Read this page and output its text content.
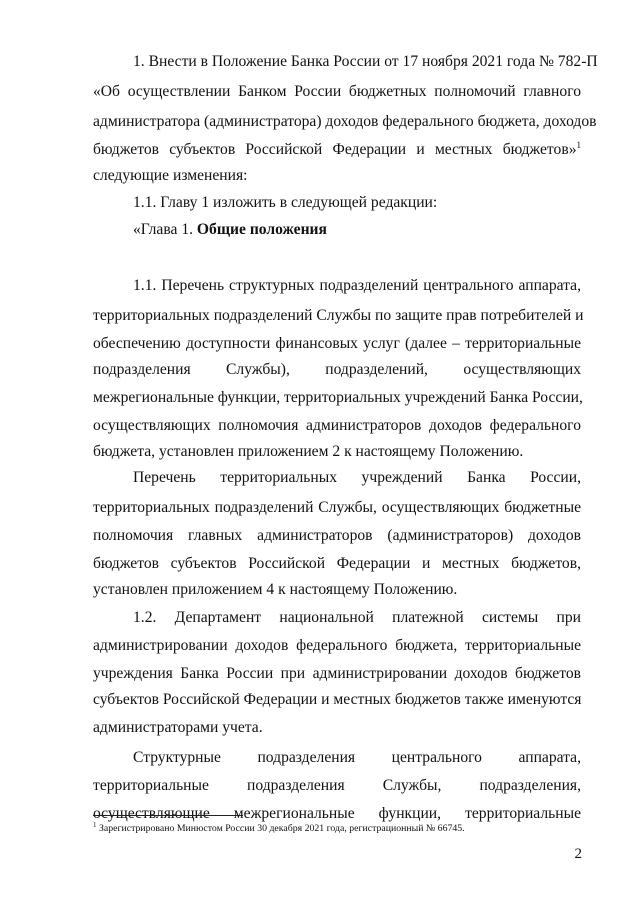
1. Внести в Положение Банка России от 17 ноября 2021 года № 782-П
«Об осуществлении Банком России бюджетных полномочий главного
администратора (администратора) доходов федерального бюджета, доходов
бюджетов субъектов Российской Федерации и местных бюджетов»$^1$
следующие изменения:
1.1. Главу 1 изложить в следующей редакции:
«Глава 1. Общие положения
1.1. Перечень структурных подразделений центрального аппарата,
территориальных подразделений Службы по защите прав потребителей и
обеспечению доступности финансовых услуг (далее – территориальные
подразделения Службы), подразделений, осуществляющих
межрегиональные функции, территориальных учреждений Банка России,
осуществляющих полномочия администраторов доходов федерального
бюджета, установлен приложением 2 к настоящему Положению.
Перечень территориальных учреждений Банка России,
территориальных подразделений Службы, осуществляющих бюджетные
полномочия главных администраторов (администраторов) доходов
бюджетов субъектов Российской Федерации и местных бюджетов,
установлен приложением 4 к настоящему Положению.
1.2. Департамент национальной платежной системы при
администрировании доходов федерального бюджета, территориальные
учреждения Банка России при администрировании доходов бюджетов
субъектов Российской Федерации и местных бюджетов также именуются
администраторами учета.
Структурные подразделения центрального аппарата,
территориальные подразделения Службы, подразделения,
осуществляющие межрегиональные функции, территориальные
$^1$ Зарегистрировано Минюстом России 30 декабря 2021 года, регистрационный № 66745.
2
